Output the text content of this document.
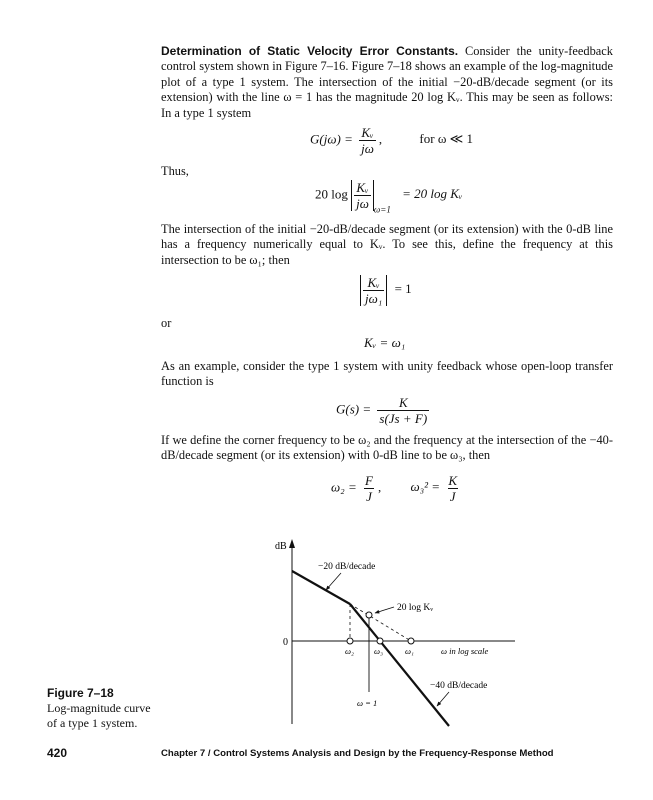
Determination of Static Velocity Error Constants. Consider the unity-feedback control system shown in Figure 7–16. Figure 7–18 shows an example of the log-magnitude plot of a type 1 system. The intersection of the initial −20-dB/decade segment (or its extension) with the line ω = 1 has the magnitude 20 log Kᵥ. This may be seen as follows: In a type 1 system
$G(j\omega) = \frac{\text{Kᵥ}}{j\omega}$ ,	for ω ≪ 1
Thus,
20 $\log \frac{\text{Kᵥ}}{j\omega} _{\omega=1} = 20$ log Kᵥ
The intersection of the initial −20-dB/decade segment (or its extension) with the 0-dB line has a frequency numerically equal to Kᵥ. To see this, define the frequency at this intersection to be ω₁; then
$\frac{\text{Kᵥ}}{\text{jω₁}} = 1$
or
Kᵥ = ω₁
As an example, consider the type 1 system with unity feedback whose open-loop transfer function is
$G(s) = \frac{K}{s(Js + F)}$
If we define the corner frequency to be ω₂ and the frequency at the intersection of the −40-dB/decade segment (or its extension) with 0-dB line to be ω₃, then
$\omega_2 = \frac{F}{J}$ , $\omega_3^2 = \frac{K}{J}$
dB
0
−20 dB/decade
20 log Kᵥ
ω₂ ω₃	ω₁	ω in log scale
−40 dB/decade
ω = 1
Figure 7–18
Log-magnitude curve of a type 1 system.
420	Chapter 7 / Control Systems Analysis and Design by the Frequency-Response Method
